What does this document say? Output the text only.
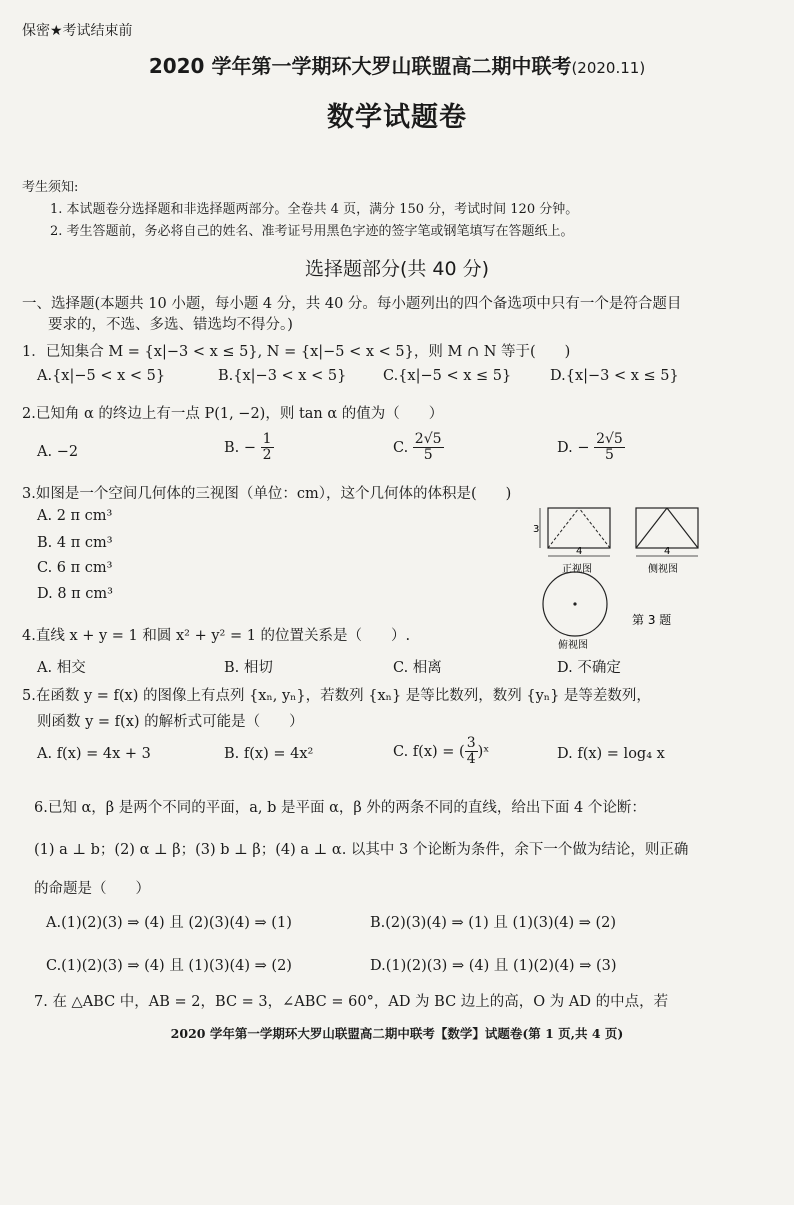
保密★考试结束前
2020 学年第一学期环大罗山联盟高二期中联考(2020.11)
数学试题卷
考生须知:
1. 本试题卷分选择题和非选择题两部分。全卷共 4 页，满分 150 分，考试时间 120 分钟。
2. 考生答题前，务必将自己的姓名、准考证号用黑色字迹的签字笔或钢笔填写在答题纸上。
选择题部分(共 40 分)
一、选择题(本题共 10 小题，每小题 4 分，共 40 分。每小题列出的四个备选项中只有一个是符合题目
要求的，不选、多选、错选均不得分。)
1．已知集合 M = {x|−3 < x ≤ 5}, N = {x|−5 < x < 5}，则 M ∩ N 等于(　　)
A.{x|−5 < x < 5}	B.{x|−3 < x < 5}	C.{x|−5 < x ≤ 5}	D.{x|−3 < x ≤ 5}
2.已知角 α 的终边上有一点 P(1, −2)，则 tan α 的值为（　　）
A. −2	B. − $\frac{1}{2}$	C. $\frac{2√5}{5}$	D. − $\frac{2√5}{5}$
3.如图是一个空间几何体的三视图（单位：cm），这个几何体的体积是(　　)
A. 2 π cm³
B. 4 π cm³
C. 6 π cm³
D. 8 π cm³
3
4
正视图
4
侧视图
俯视图
第 3 题
4.直线 x + y = 1 和圆 x² + y² = 1 的位置关系是（　　）.
A. 相交	B. 相切	C. 相离	D. 不确定
5.在函数 y = f(x) 的图像上有点列 {xₙ, yₙ}，若数列 {xₙ} 是等比数列，数列 {yₙ} 是等差数列，
则函数 y = f(x) 的解析式可能是（　　）
A. f(x) = 4x + 3	B. f(x) = 4x²	C. f(x) = ( $\frac{3}{4}$ )ˣ	D. f(x) = log₄ x
6.已知 α，β 是两个不同的平面，a, b 是平面 α，β 外的两条不同的直线，给出下面 4 个论断：
(1) a ⊥ b；(2) α ⊥ β；(3) b ⊥ β；(4) a ⊥ α. 以其中 3 个论断为条件，余下一个做为结论，则正确
的命题是（　　）
A.(1)(2)(3) ⇒ (4) 且 (2)(3)(4) ⇒ (1)	B.(2)(3)(4) ⇒ (1) 且 (1)(3)(4) ⇒ (2)
C.(1)(2)(3) ⇒ (4) 且 (1)(3)(4) ⇒ (2)	D.(1)(2)(3) ⇒ (4) 且 (1)(2)(4) ⇒ (3)
7. 在 △ABC 中，AB = 2，BC = 3，∠ABC = 60°，AD 为 BC 边上的高，O 为 AD 的中点，若
2020 学年第一学期环大罗山联盟高二期中联考【数学】试题卷(第 1 页,共 4 页)
